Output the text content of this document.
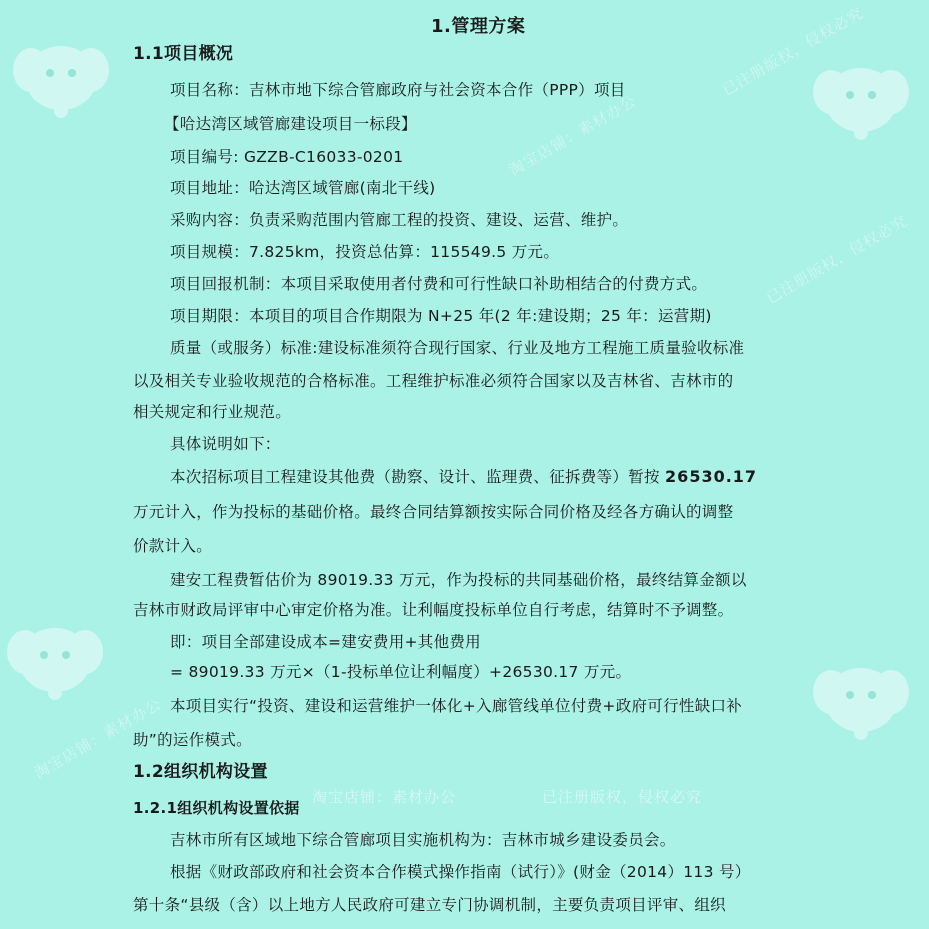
淘宝店铺：素材办公	已注册版权，侵权必究
淘宝店铺：素材办公
已注册版权，侵权必究
已注册版权，侵权必究
淘宝店铺：素材办公
1.管理方案
1.1项目概况
项目名称：吉林市地下综合管廊政府与社会资本合作（PPP）项目
【哈达湾区域管廊建设项目一标段】
项目编号: GZZB-C16033-0201
项目地址：哈达湾区域管廊(南北干线)
采购内容：负责采购范围内管廊工程的投资、建设、运营、维护。
项目规模：7.825km，投资总估算：115549.5 万元。
项目回报机制：本项目采取使用者付费和可行性缺口补助相结合的付费方式。
项目期限：本项目的项目合作期限为 N+25 年(2 年:建设期；25 年：运营期)
质量（或服务）标准:建设标准须符合现行国家、行业及地方工程施工质量验收标准
以及相关专业验收规范的合格标准。工程维护标准必须符合国家以及吉林省、吉林市的
相关规定和行业规范。
具体说明如下：
本次招标项目工程建设其他费（勘察、设计、监理费、征拆费等）暂按 26530.17
万元计入，作为投标的基础价格。最终合同结算额按实际合同价格及经各方确认的调整
价款计入。
建安工程费暂估价为 89019.33 万元，作为投标的共同基础价格，最终结算金额以
吉林市财政局评审中心审定价格为准。让利幅度投标单位自行考虑，结算时不予调整。
即：项目全部建设成本=建安费用+其他费用
= 89019.33 万元×（1-投标单位让利幅度）+26530.17 万元。
本项目实行“投资、建设和运营维护一体化+入廊管线单位付费+政府可行性缺口补
助”的运作模式。
1.2组织机构设置
1.2.1组织机构设置依据
吉林市所有区域地下综合管廊项目实施机构为：吉林市城乡建设委员会。
根据《财政部政府和社会资本合作模式操作指南（试行）》(财金（2014）113 号）
第十条“县级（含）以上地方人民政府可建立专门协调机制，主要负责项目评审、组织
